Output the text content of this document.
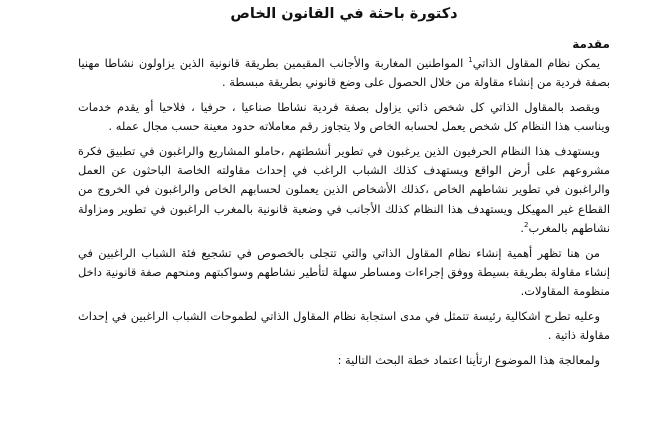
دكتورة باحثة في القانون الخاص
مقدمة

يمكن نظام المقاول الذاتي$^1$ المواطنين المغاربة والأجانب المقيمين بطريقة قانونية الذين يزاولون نشاطا مهنيا بصفة فردية من إنشاء مقاولة من خلال الحصول على وضع قانوني بطريقة مبسطة .

ويقصد بالمقاول الذاتي كل شخص ذاتي يزاول بصفة فردية نشاطا صناعيا ، حرفيا ، فلاحيا أو يقدم خدمات ويناسب هذا النظام كل شخص يعمل لحسابه الخاص ولا يتجاوز رقم معاملاته حدود معينة حسب مجال عمله .

ويستهدف هذا النظام الحرفيون الذين يرغبون في تطوير أنشطتهم ،حاملو المشاريع والراغبون في تطبيق فكرة مشروعهم على أرض الواقع ويستهدف كذلك الشباب الراغب في إحداث مقاولته الخاصة الباحثون عن العمل والراغبون في تطوير نشاطهم الخاص ،كذلك الأشخاص الذين يعملون لحسابهم الخاص والراغبون في الخروج من القطاع غير المهيكل ويستهدف هذا النظام كذلك الأجانب في وضعية قانونية بالمغرب الراغبون في تطوير ومزاولة نشاطهم بالمغرب$^2$.

من هنا تظهر أهمية إنشاء نظام المقاول الذاتي والتي تتجلى بالخصوص في تشجيع فئة الشباب الراغبين في إنشاء مقاولة بطريقة بسيطة ووفق إجراءات ومساطر سهلة لتأطير نشاطهم وسواكبتهم ومنحهم صفة قانونية داخل منظومة المقاولات.

وعليه تطرح اشكالية رئيسة تتمثل في مدى استجابة نظام المقاول الذاتي لطموحات الشباب الراغبين في إحداث مقاولة ذاتية .

ولمعالجة هذا الموضوع ارتأينا اعتماد خطة البحث التالية :
